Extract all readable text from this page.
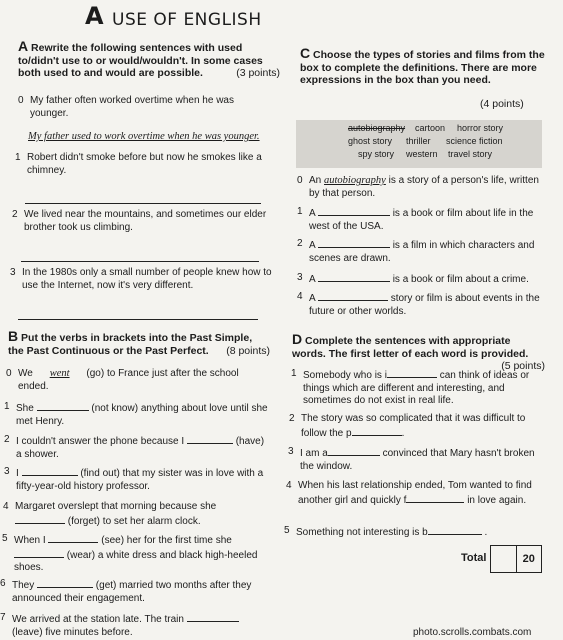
A USE OF ENGLISH
A Rewrite the following sentences with used to/didn't use to or would/wouldn't. In some cases both used to and would are possible.	(3 points)
0 My father often worked overtime when he was younger.
My father used to work overtime when he was younger.
1 Robert didn't smoke before but now he smokes like a chimney.
2 We lived near the mountains, and sometimes our elder brother took us climbing.
3 In the 1980s only a small number of people knew how to use the Internet, now it's very different.
B Put the verbs in brackets into the Past Simple, the Past Continuous or the Past Perfect. (8 points)
0 We went (go) to France just after the school ended.
1 She	(not know) anything about love until she met Henry.
2 I couldn't answer the phone because I	(have) a shower.
3 I	(find out) that my sister was in love with a fifty-year-old history professor.
4 Margaret overslept that morning because she  (forget) to set her alarm clock.
5 When I	(see) her for the first time she  (wear) a white dress and black high-heeled shoes.
6 They	(get) married two months after they announced their engagement.
7 We arrived at the station late. The train  (leave) five minutes before.
C Choose the types of stories and films from the box to complete the definitions. There are more expressions in the box than you need.
(4 points)
autobiography cartoon horror story
ghost story thriller science fiction
spy story western travel story
0 An autobiography is a story of a person's life, written by that person.
1 A	is a book or film about life in the west of the USA.
2 A	is a film in which characters and scenes are drawn.
3 A	is a book or film about a crime.
4 A	story or film is about events in the future or other worlds.
D Complete the sentences with appropriate words. The first letter of each word is provided.
(5 points)
1 Somebody who is i	can think of ideas or things which are different and interesting, and sometimes do not exist in real life.
2 The story was so complicated that it was difficult to follow the p	.
3 I am a	convinced that Mary hasn't broken the window.
4 When his last relationship ended, Tom wanted to find another girl and quickly f	in love again.
5 Something not interesting is b	.
Total	20
photo.scrolls.combats.com
